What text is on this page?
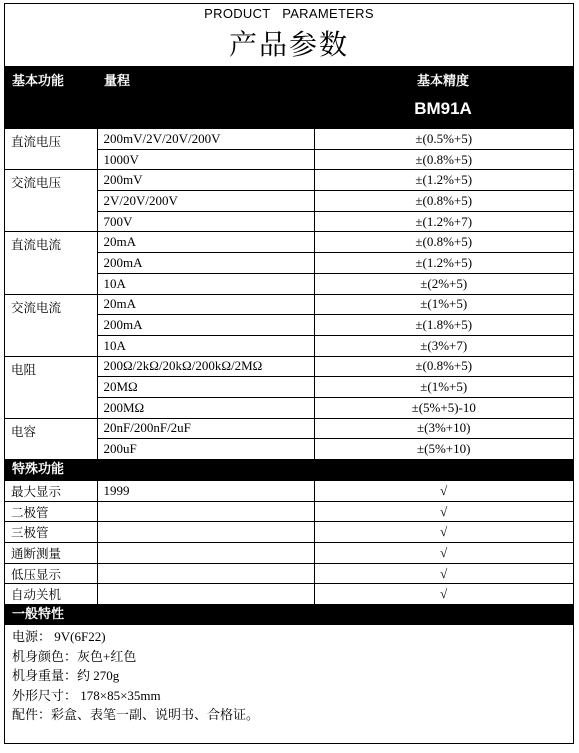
PRODUCT PARAMETERS
产品参数
基本功能	量程	基本精度
BM91A
直流电压	200mV/2V/20V/200V	±(0.5%+5)
	1000V	±(0.8%+5)
交流电压	200mV	±(1.2%+5)
	2V/20V/200V	±(0.8%+5)
	700V	±(1.2%+7)
直流电流	20mA	±(0.8%+5)
	200mA	±(1.2%+5)
	10A	±(2%+5)
交流电流	20mA	±(1%+5)
	200mA	±(1.8%+5)
	10A	±(3%+7)
电阻	200Ω/2kΩ/20kΩ/200kΩ/2MΩ	±(0.8%+5)
	20MΩ	±(1%+5)
	200MΩ	±(5%+5)-10
电容	20nF/200nF/2uF	±(3%+10)
	200uF	±(5%+10)
特殊功能
最大显示	1999	√
二极管		√
三极管		√
通断测量		√
低压显示		√
自动关机		√
一般特性
电源： 9V(6F22)
机身颜色：灰色+红色
机身重量：约 270g
外形尺寸： 178×85×35mm
配件：彩盒、表笔一副、说明书、合格证。
